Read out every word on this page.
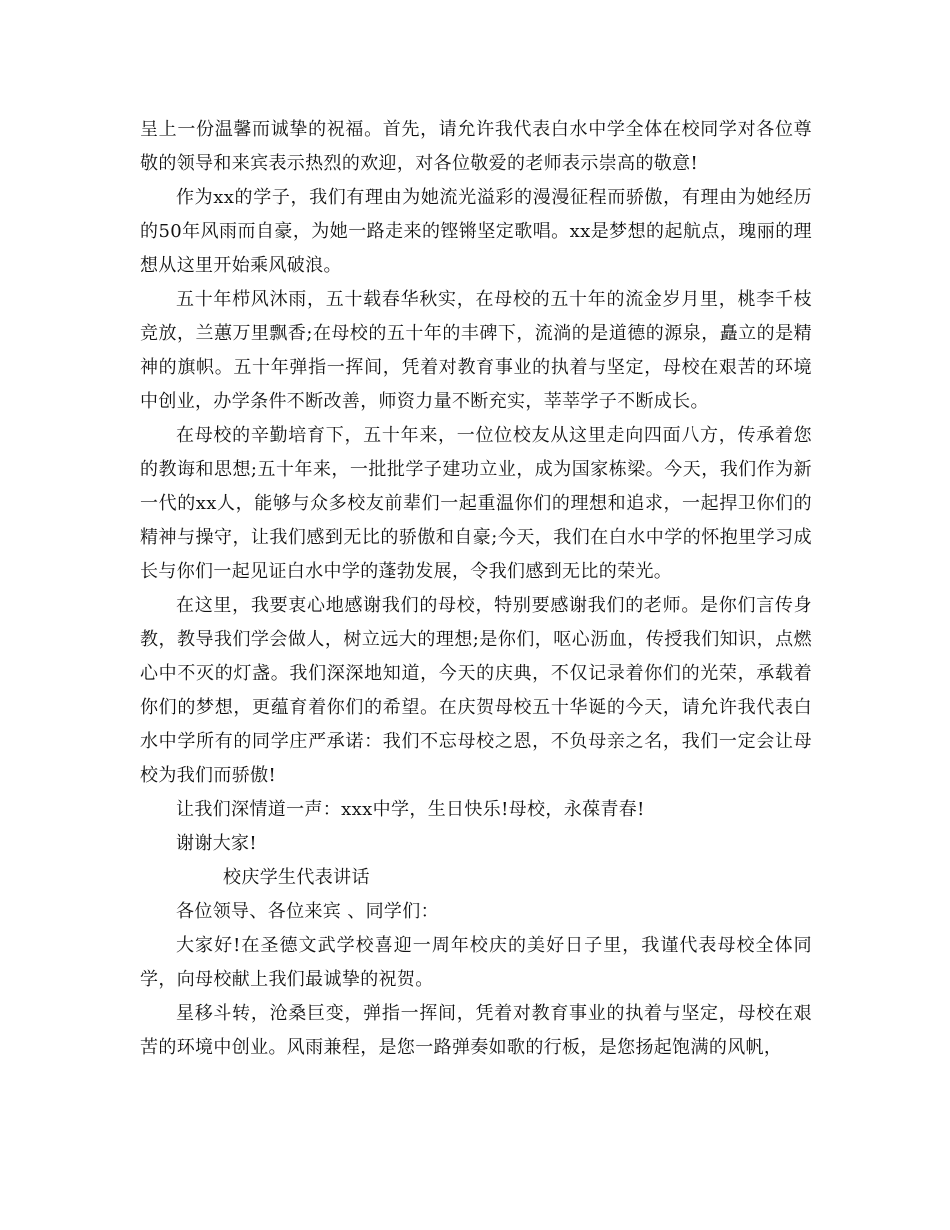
呈上一份温馨而诚挚的祝福。首先，请允许我代表白水中学全体在校同学对各位尊敬的领导和来宾表示热烈的欢迎，对各位敬爱的老师表示崇高的敬意!

作为xx的学子，我们有理由为她流光溢彩的漫漫征程而骄傲，有理由为她经历的50年风雨而自豪，为她一路走来的铿锵坚定歌唱。xx是梦想的起航点，瑰丽的理想从这里开始乘风破浪。

五十年栉风沐雨，五十载春华秋实，在母校的五十年的流金岁月里，桃李千枝竞放，兰蕙万里飘香;在母校的五十年的丰碑下，流淌的是道德的源泉，矗立的是精神的旗帜。五十年弹指一挥间，凭着对教育事业的执着与坚定，母校在艰苦的环境中创业，办学条件不断改善，师资力量不断充实，莘莘学子不断成长。

在母校的辛勤培育下，五十年来，一位位校友从这里走向四面八方，传承着您的教诲和思想;五十年来，一批批学子建功立业，成为国家栋梁。今天，我们作为新一代的xx人，能够与众多校友前辈们一起重温你们的理想和追求，一起捍卫你们的精神与操守，让我们感到无比的骄傲和自豪;今天，我们在白水中学的怀抱里学习成长与你们一起见证白水中学的蓬勃发展，令我们感到无比的荣光。

在这里，我要衷心地感谢我们的母校，特别要感谢我们的老师。是你们言传身教，教导我们学会做人，树立远大的理想;是你们，呕心沥血，传授我们知识，点燃心中不灭的灯盏。我们深深地知道，今天的庆典，不仅记录着你们的光荣，承载着你们的梦想，更蕴育着你们的希望。在庆贺母校五十华诞的今天，请允许我代表白水中学所有的同学庄严承诺：我们不忘母校之恩，不负母亲之名，我们一定会让母校为我们而骄傲!

让我们深情道一声：xxx中学，生日快乐!母校，永葆青春!

谢谢大家!

校庆学生代表讲话

各位领导、各位来宾 、同学们：

大家好!在圣德文武学校喜迎一周年校庆的美好日子里，我谨代表母校全体同学，向母校献上我们最诚挚的祝贺。

星移斗转，沧桑巨变，弹指一挥间，凭着对教育事业的执着与坚定，母校在艰苦的环境中创业。风雨兼程，是您一路弹奏如歌的行板，是您扬起饱满的风帆，
